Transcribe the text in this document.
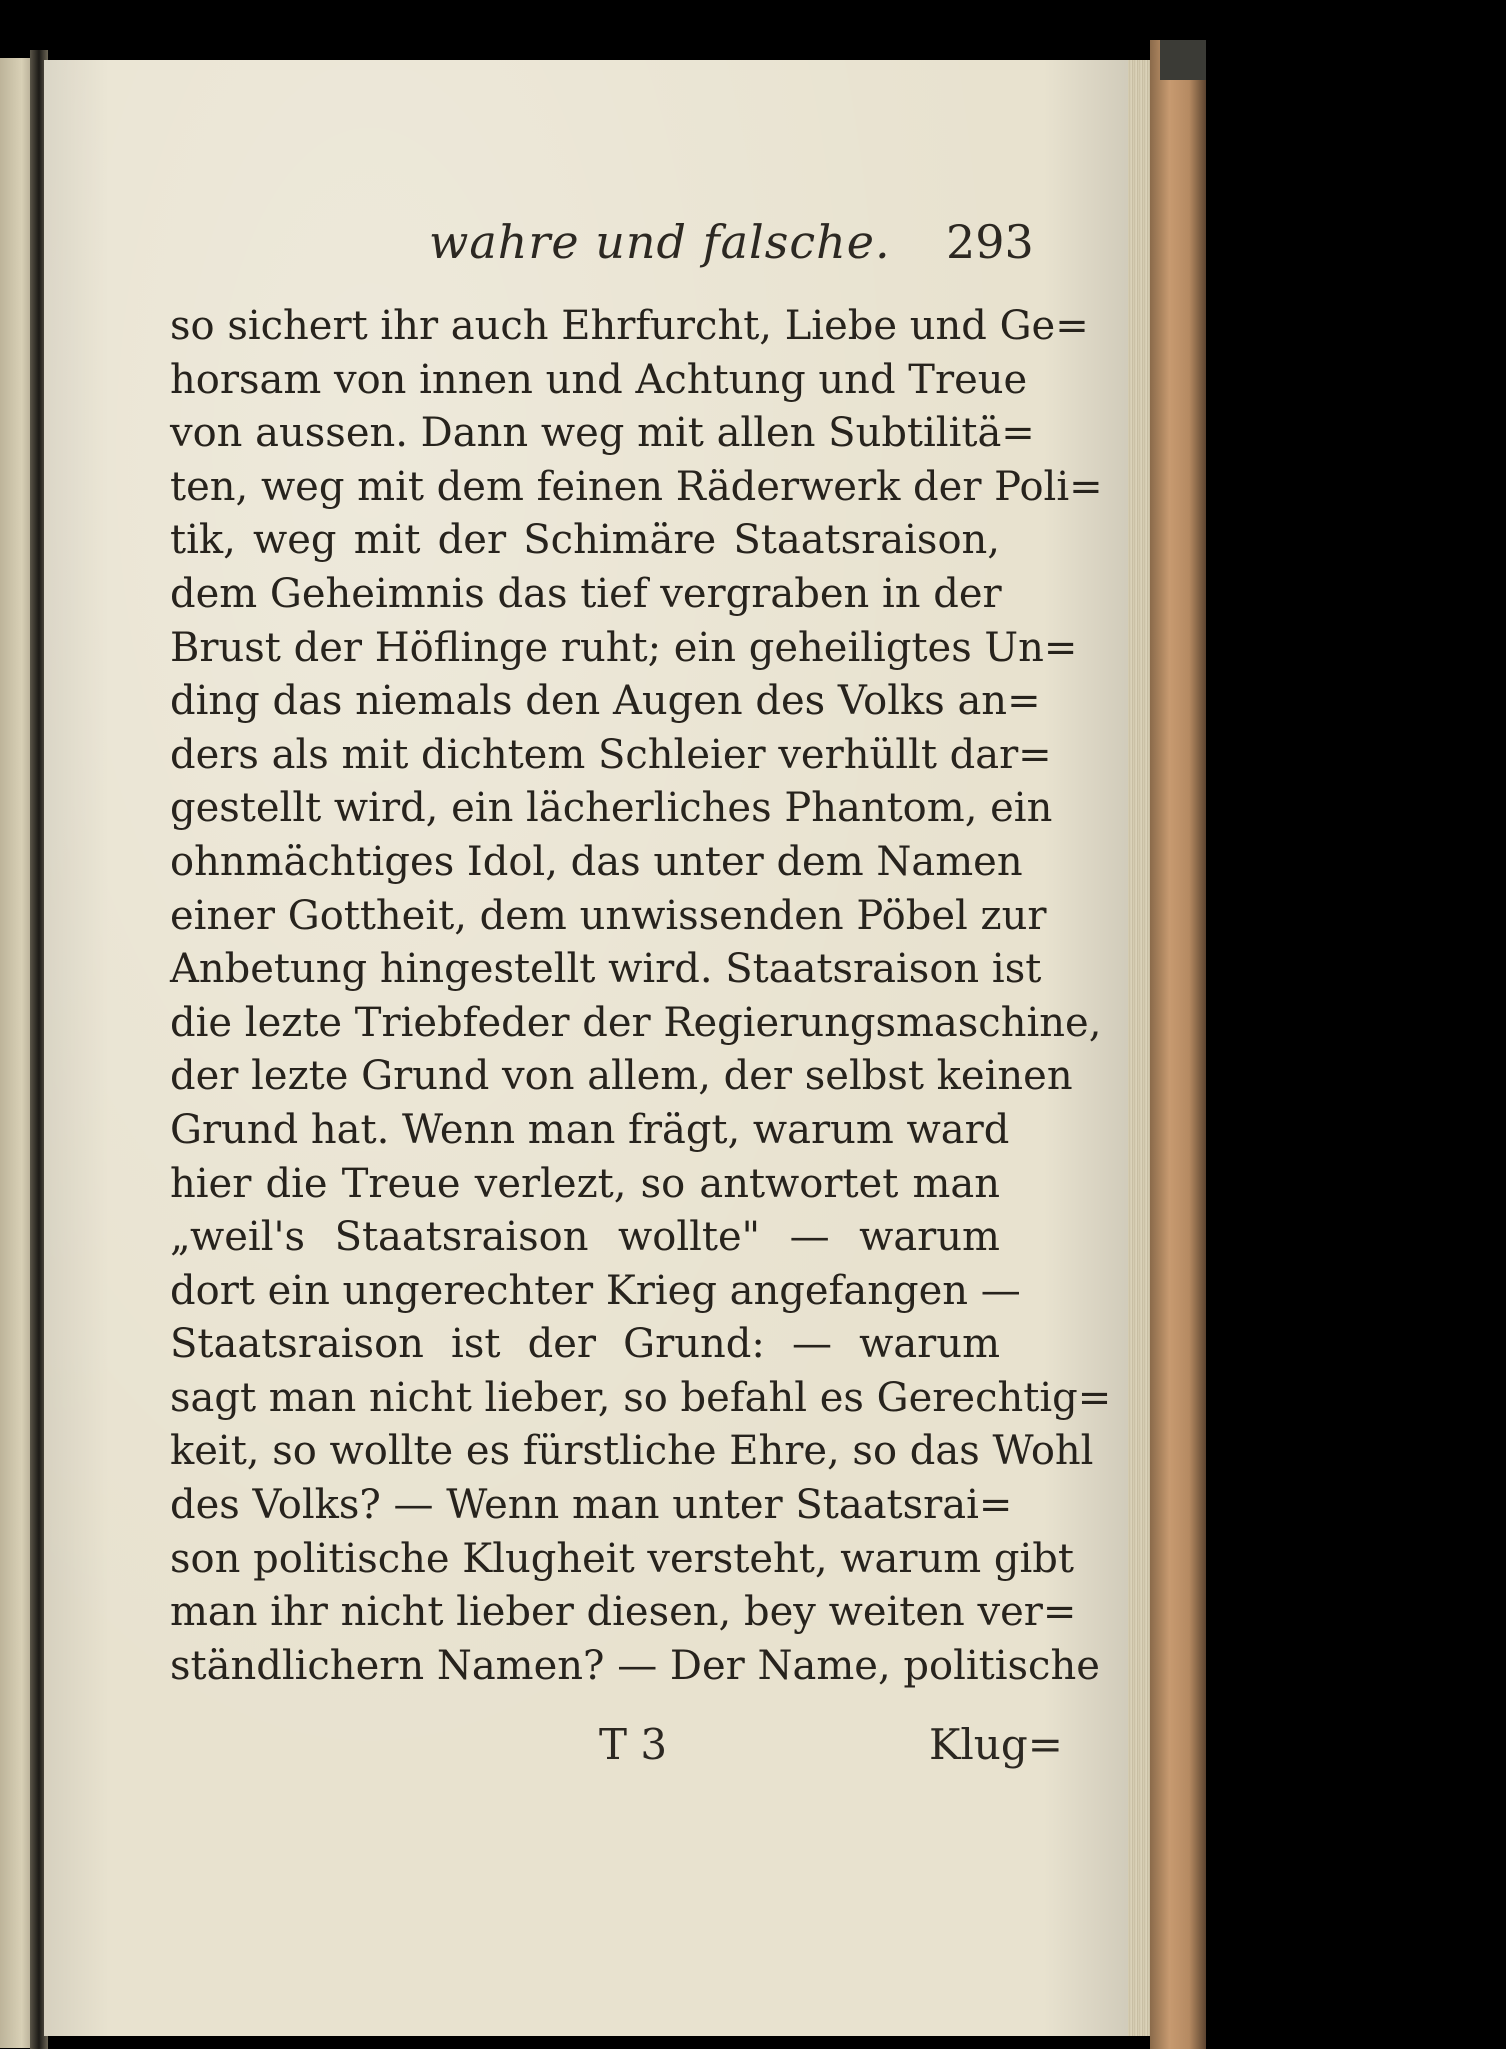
wahre und falsche. 293
so sichert ihr auch Ehrfurcht, Liebe und Ge=
horsam von innen und Achtung und Treue
von aussen. Dann weg mit allen Subtilitä=
ten, weg mit dem feinen Räderwerk der Poli=
tik, weg mit der Schimäre Staatsraison,
dem Geheimnis das tief vergraben in der
Brust der Höflinge ruht; ein geheiligtes Un=
ding das niemals den Augen des Volks an=
ders als mit dichtem Schleier verhüllt dar=
gestellt wird, ein lächerliches Phantom, ein
ohnmächtiges Idol, das unter dem Namen
einer Gottheit, dem unwissenden Pöbel zur
Anbetung hingestellt wird. Staatsraison ist
die lezte Triebfeder der Regierungsmaschine,
der lezte Grund von allem, der selbst keinen
Grund hat. Wenn man frägt, warum ward
hier die Treue verlezt, so antwortet man
„weil's Staatsraison wollte" — warum
dort ein ungerechter Krieg angefangen —
Staatsraison ist der Grund: — warum
sagt man nicht lieber, so befahl es Gerechtig=
keit, so wollte es fürstliche Ehre, so das Wohl
des Volks? — Wenn man unter Staatsrai=
son politische Klugheit versteht, warum gibt
man ihr nicht lieber diesen, bey weiten ver=
ständlichern Namen? — Der Name, politische
T 3	Klug=
